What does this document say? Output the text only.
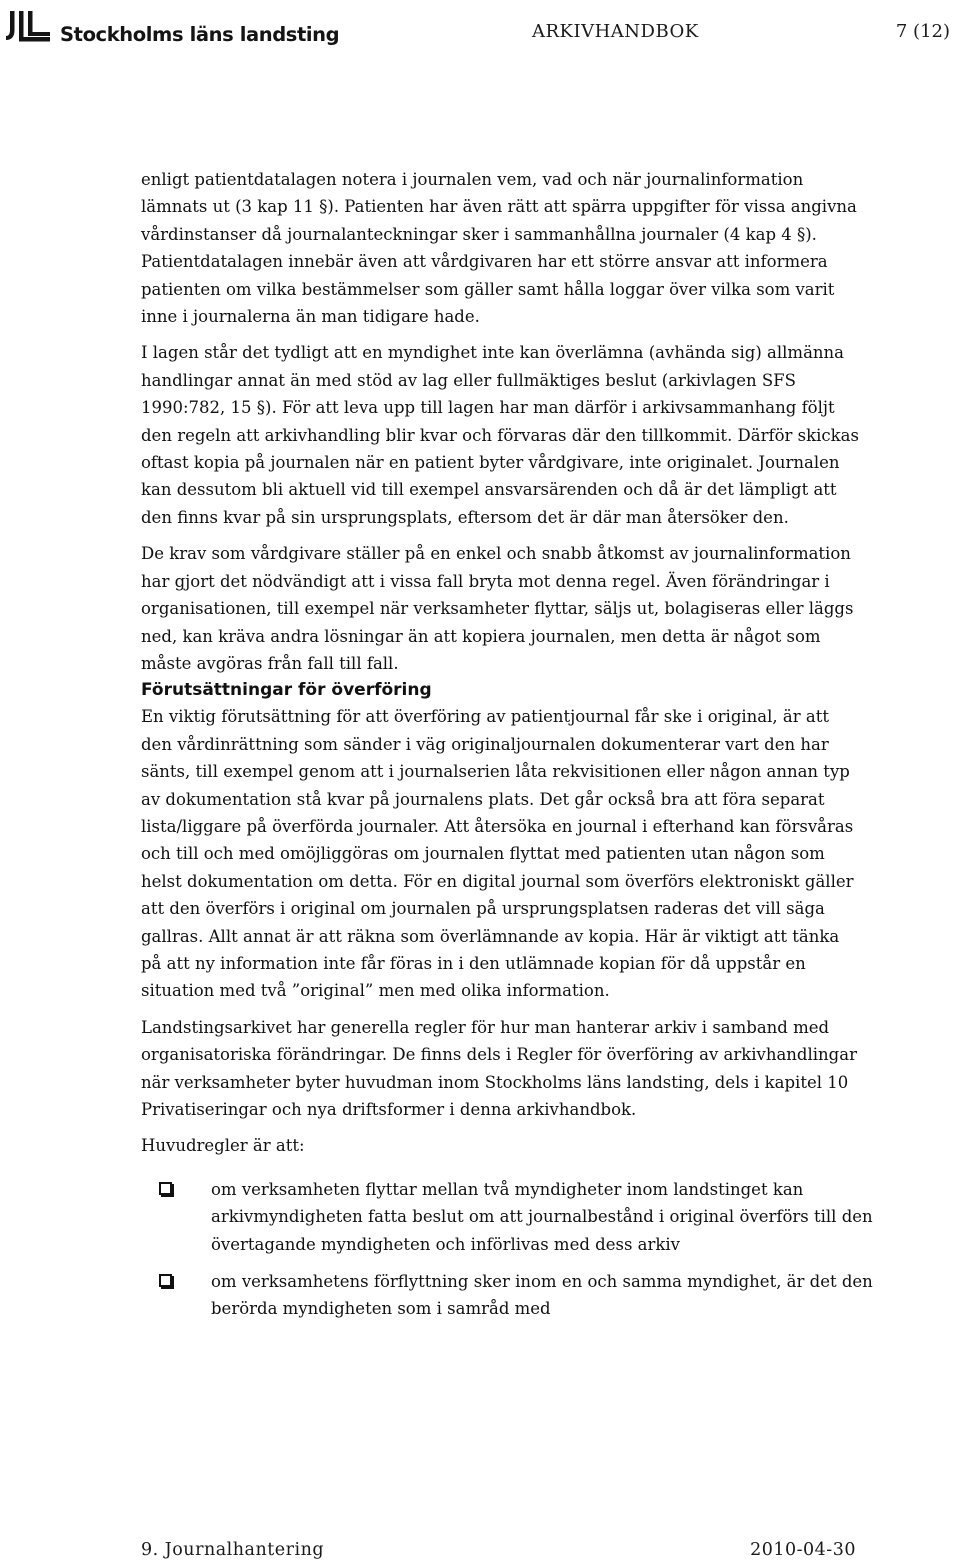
Stockholms läns landsting	ARKIVHANDBOK	7 (12)

enligt patientdatalagen notera i journalen vem, vad och när journalinformation lämnats ut (3 kap 11 §). Patienten har även rätt att spärra uppgifter för vissa angivna vårdinstanser då journalanteckningar sker i sammanhållna journaler (4 kap 4 §). Patientdatalagen innebär även att vårdgivaren har ett större ansvar att informera patienten om vilka bestämmelser som gäller samt hålla loggar över vilka som varit inne i journalerna än man tidigare hade.

I lagen står det tydligt att en myndighet inte kan överlämna (avhända sig) allmänna handlingar annat än med stöd av lag eller fullmäktiges beslut (arkivlagen SFS 1990:782, 15 §). För att leva upp till lagen har man därför i arkivsammanhang följt den regeln att arkivhandling blir kvar och förvaras där den tillkommit. Därför skickas oftast kopia på journalen när en patient byter vårdgivare, inte originalet. Journalen kan dessutom bli aktuell vid till exempel ansvarsärenden och då är det lämpligt att den finns kvar på sin ursprungsplats, eftersom det är där man återsöker den.

De krav som vårdgivare ställer på en enkel och snabb åtkomst av journalinformation har gjort det nödvändigt att i vissa fall bryta mot denna regel. Även förändringar i organisationen, till exempel när verksamheter flyttar, säljs ut, bolagiseras eller läggs ned, kan kräva andra lösningar än att kopiera journalen, men detta är något som måste avgöras från fall till fall.

Förutsättningar för överföring

En viktig förutsättning för att överföring av patientjournal får ske i original, är att den vårdinrättning som sänder i väg originaljournalen dokumenterar vart den har sänts, till exempel genom att i journalserien låta rekvisitionen eller någon annan typ av dokumentation stå kvar på journalens plats. Det går också bra att föra separat lista/liggare på överförda journaler. Att återsöka en journal i efterhand kan försvåras och till och med omöjliggöras om journalen flyttat med patienten utan någon som helst dokumentation om detta. För en digital journal som överförs elektroniskt gäller att den överförs i original om journalen på ursprungsplatsen raderas det vill säga gallras. Allt annat är att räkna som överlämnande av kopia. Här är viktigt att tänka på att ny information inte får föras in i den utlämnade kopian för då uppstår en situation med två ”original” men med olika information.

Landstingsarkivet har generella regler för hur man hanterar arkiv i samband med organisatoriska förändringar. De finns dels i Regler för överföring av arkivhandlingar när verksamheter byter huvudman inom Stockholms läns landsting, dels i kapitel 10 Privatiseringar och nya driftsformer i denna arkivhandbok.

Huvudregler är att:

om verksamheten flyttar mellan två myndigheter inom landstinget kan arkivmyndigheten fatta beslut om att journalbestånd i original överförs till den övertagande myndigheten och införlivas med dess arkiv
om verksamhetens förflyttning sker inom en och samma myndighet, är det den berörda myndigheten som i samråd med
9. Journalhantering	2010-04-30
